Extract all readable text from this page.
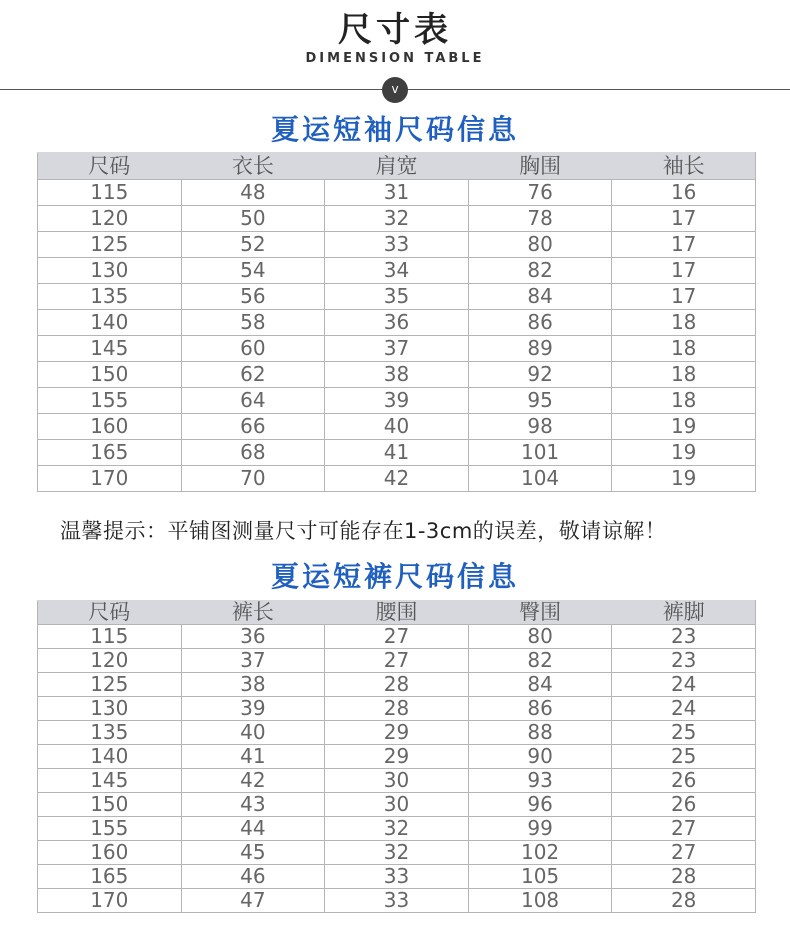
尺寸表
DIMENSION TABLE
v
夏运短袖尺码信息
尺码	衣长	肩宽	胸围	袖长
115	48	31	76	16
120	50	32	78	17
125	52	33	80	17
130	54	34	82	17
135	56	35	84	17
140	58	36	86	18
145	60	37	89	18
150	62	38	92	18
155	64	39	95	18
160	66	40	98	19
165	68	41	101	19
170	70	42	104	19
温馨提示：平铺图测量尺寸可能存在1-3cm的误差，敬请谅解！
夏运短裤尺码信息
尺码	裤长	腰围	臀围	裤脚
115	36	27	80	23
120	37	27	82	23
125	38	28	84	24
130	39	28	86	24
135	40	29	88	25
140	41	29	90	25
145	42	30	93	26
150	43	30	96	26
155	44	32	99	27
160	45	32	102	27
165	46	33	105	28
170	47	33	108	28
